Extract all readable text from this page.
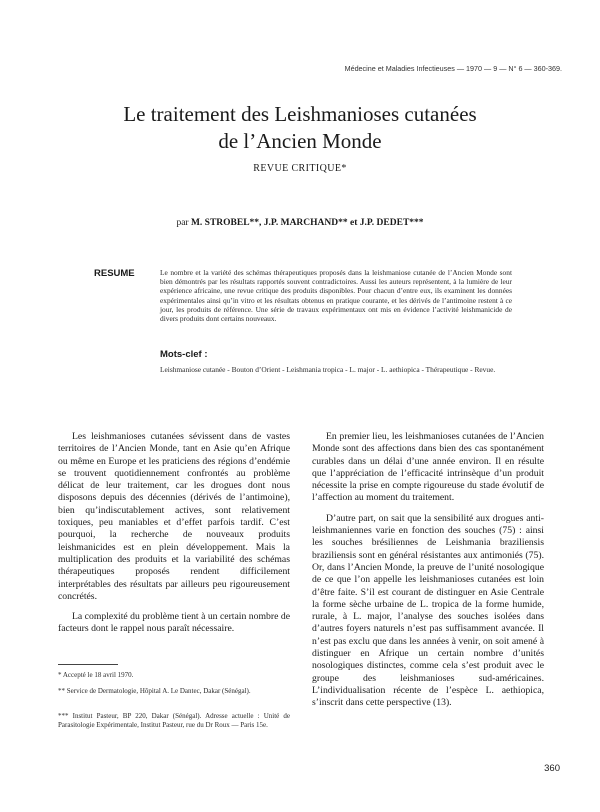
Médecine et Maladies Infectieuses — 1970 — 9 — N° 6 — 360-369.
Le traitement des Leishmanioses cutanées
de l’Ancien Monde
REVUE CRITIQUE*
par M. STROBEL**, J.P. MARCHAND** et J.P. DEDET***
RESUME	Le nombre et la variété des schémas thérapeutiques proposés dans la leishmaniose cutanée de l’Ancien Monde sont bien démontrés par les résultats rapportés souvent contradictoires. Aussi les auteurs représentent, à la lumière de leur expérience africaine, une revue critique des produits disponibles. Pour chacun d’entre eux, ils examinent les données expérimentales ainsi qu’in vitro et les résultats obtenus en pratique courante, et les dérivés de l’antimoine restent à ce jour, les produits de référence. Une série de travaux expérimentaux ont mis en évidence l’activité leishmanicide de divers produits dont certains nouveaux.
Mots-clef :
Leishmaniose cutanée - Bouton d’Orient - Leishmania tropica - L. major - L. aethiopica - Thérapeutique - Revue.

Les leishmanioses cutanées sévissent dans de vastes territoires de l’Ancien Monde, tant en Asie qu’en Afrique ou même en Europe et les praticiens des régions d’endémie se trouvent quotidiennement confrontés au problème délicat de leur traitement, car les drogues dont nous disposons depuis des décennies (dérivés de l’antimoine), bien qu’indiscutablement actives, sont relativement toxiques, peu maniables et d’effet parfois tardif. C’est pourquoi, la recherche de nouveaux produits leishmanicides est en plein développement. Mais la multiplication des produits et la variabilité des schémas thérapeutiques proposés rendent difficilement interprétables des résultats par ailleurs peu rigoureusement concrétés.

La complexité du problème tient à un certain nombre de facteurs dont le rappel nous paraît nécessaire.

* Accepté le 18 avril 1970.
** Service de Dermatologie, Hôpital A. Le Dantec, Dakar (Sénégal).
*** Institut Pasteur, BP 220, Dakar (Sénégal). Adresse actuelle : Unité de Parasitologie Expérimentale, Institut Pasteur, rue du Dr Roux — Paris 15e.

En premier lieu, les leishmanioses cutanées de l’Ancien Monde sont des affections dans bien des cas spontanément curables dans un délai d’une année environ. Il en résulte que l’appréciation de l’efficacité intrinsèque d’un produit nécessite la prise en compte rigoureuse du stade évolutif de l’affection au moment du traitement.

D’autre part, on sait que la sensibilité aux drogues anti-leishmaniennes varie en fonction des souches (75) : ainsi les souches brésiliennes de Leishmania braziliensis braziliensis sont en général résistantes aux antimoniés (75). Or, dans l’Ancien Monde, la preuve de l’unité nosologique de ce que l’on appelle les leishmanioses cutanées est loin d’être faite. S’il est courant de distinguer en Asie Centrale la forme sèche urbaine de L. tropica de la forme humide, rurale, à L. major, l’analyse des souches isolées dans d’autres foyers naturels n’est pas suffisamment avancée. Il n’est pas exclu que dans les années à venir, on soit amené à distinguer en Afrique un certain nombre d’unités nosologiques distinctes, comme cela s’est produit avec le groupe des leishmanioses sud-américaines. L’individualisation récente de l’espèce L. aethiopica, s’inscrit dans cette perspective (13).

360
